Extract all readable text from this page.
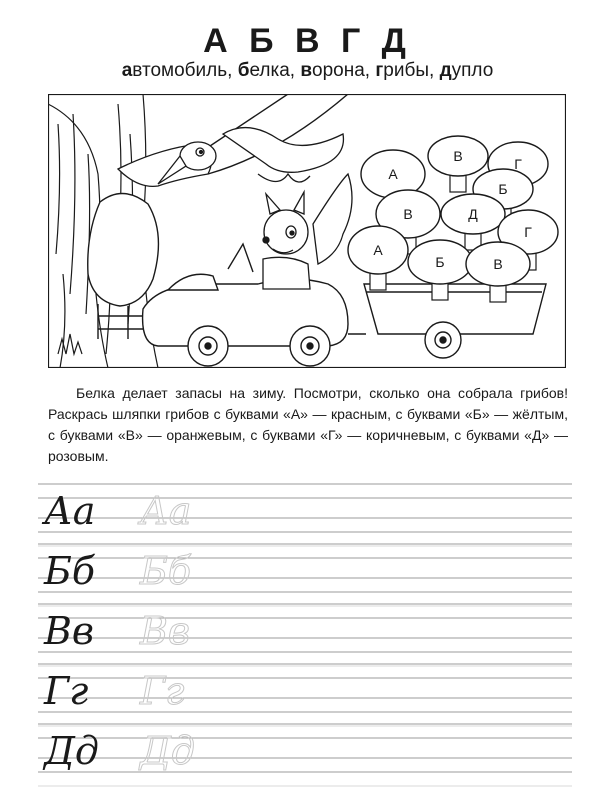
А Б В Г Д
автомобиль, белка, ворона, грибы, дупло
А
В	Г
Б
Д
В
Г
А
Б	В
Белка делает запасы на зиму. Посмотри, сколько она собрала грибов! Раскрась шляпки грибов с буквами «А» — красным, с буквами «Б» — жёлтым, с буквами «В» — оранжевым, с буквами «Г» — коричневым, с буквами «Д» — розовым.
Аа Аа
Бб Бб
Вв Вв
Гг Гг
Дд Дд
